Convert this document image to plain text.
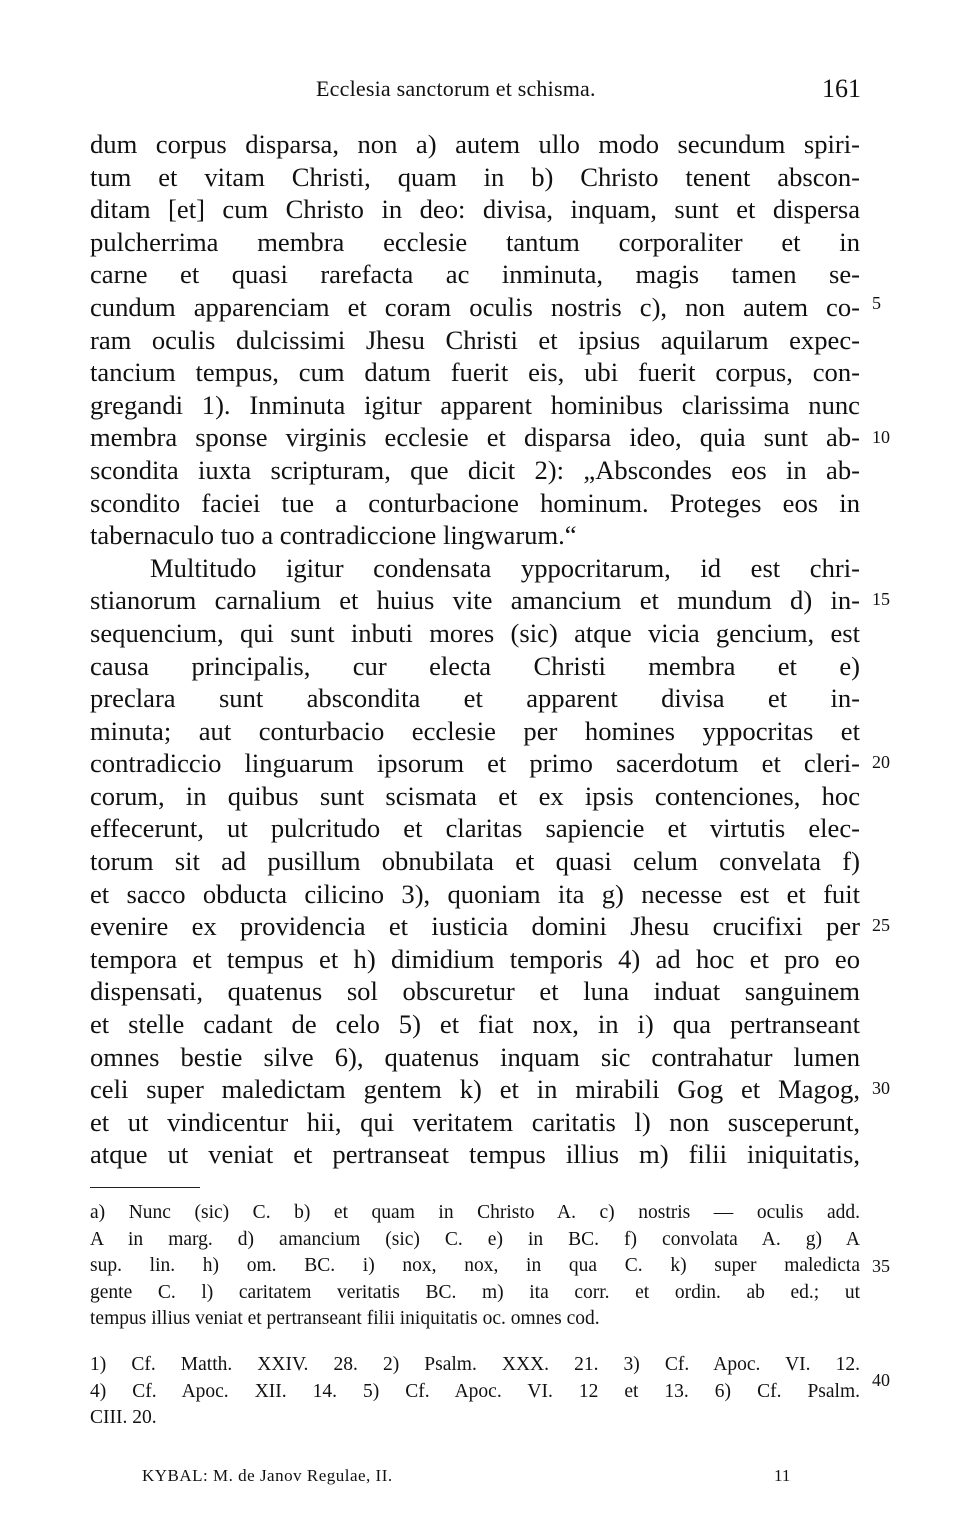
Ecclesia sanctorum et schisma.	161
dum corpus disparsa, non a) autem ullo modo secundum spiri-
tum et vitam Christi, quam in b) Christo tenent abscon-
ditam [et] cum Christo in deo: divisa, inquam, sunt et dispersa
pulcherrima membra ecclesie tantum corporaliter et in
carne et quasi rarefacta ac inminuta, magis tamen se-
cundum apparenciam et coram oculis nostris c), non autem co-
ram oculis dulcissimi Jhesu Christi et ipsius aquilarum expec-
tancium tempus, cum datum fuerit eis, ubi fuerit corpus, con-
gregandi 1). Inminuta igitur apparent hominibus clarissima nunc
membra sponse virginis ecclesie et disparsa ideo, quia sunt ab-
scondita iuxta scripturam, que dicit 2): „Abscondes eos in ab-
scondito faciei tue a conturbacione hominum. Proteges eos in
tabernaculo tuo a contradiccione lingwarum.“
Multitudo igitur condensata yppocritarum, id est chri-
stianorum carnalium et huius vite amancium et mundum d) in-
sequencium, qui sunt inbuti mores (sic) atque vicia gencium, est
causa principalis, cur electa Christi membra et e)
preclara sunt abscondita et apparent divisa et in-
minuta; aut conturbacio ecclesie per homines yppocritas et
contradiccio linguarum ipsorum et primo sacerdotum et cleri-
corum, in quibus sunt scismata et ex ipsis contenciones, hoc
effecerunt, ut pulcritudo et claritas sapiencie et virtutis elec-
torum sit ad pusillum obnubilata et quasi celum convelata f)
et sacco obducta cilicino 3), quoniam ita g) necesse est et fuit
evenire ex providencia et iusticia domini Jhesu crucifixi per
tempora et tempus et h) dimidium temporis 4) ad hoc et pro eo
dispensati, quatenus sol obscuretur et luna induat sanguinem
et stelle cadant de celo 5) et fiat nox, in i) qua pertranseant
omnes bestie silve 6), quatenus inquam sic contrahatur lumen
celi super maledictam gentem k) et in mirabili Gog et Magog,
et ut vindicentur hii, qui veritatem caritatis l) non susceperunt,
atque ut veniat et pertranseat tempus illius m) filii iniquitatis,
5
10
15
20
25
30
35
40
a) Nunc (sic) C. b) et quam in Christo A. c) nostris — oculis add.
A in marg. d) amancium (sic) C. e) in BC. f) convolata A. g) A
sup. lin. h) om. BC. i) nox, nox, in qua C. k) super maledicta
gente C. l) caritatem veritatis BC. m) ita corr. et ordin. ab ed.; ut
tempus illius veniat et pertranseant filii iniquitatis oc. omnes cod.
1) Cf. Matth. XXIV. 28. 2) Psalm. XXX. 21. 3) Cf. Apoc. VI. 12.
4) Cf. Apoc. XII. 14. 5) Cf. Apoc. VI. 12 et 13. 6) Cf. Psalm.
CIII. 20.
KYBAL: M. de Janov Regulae, II.	11
